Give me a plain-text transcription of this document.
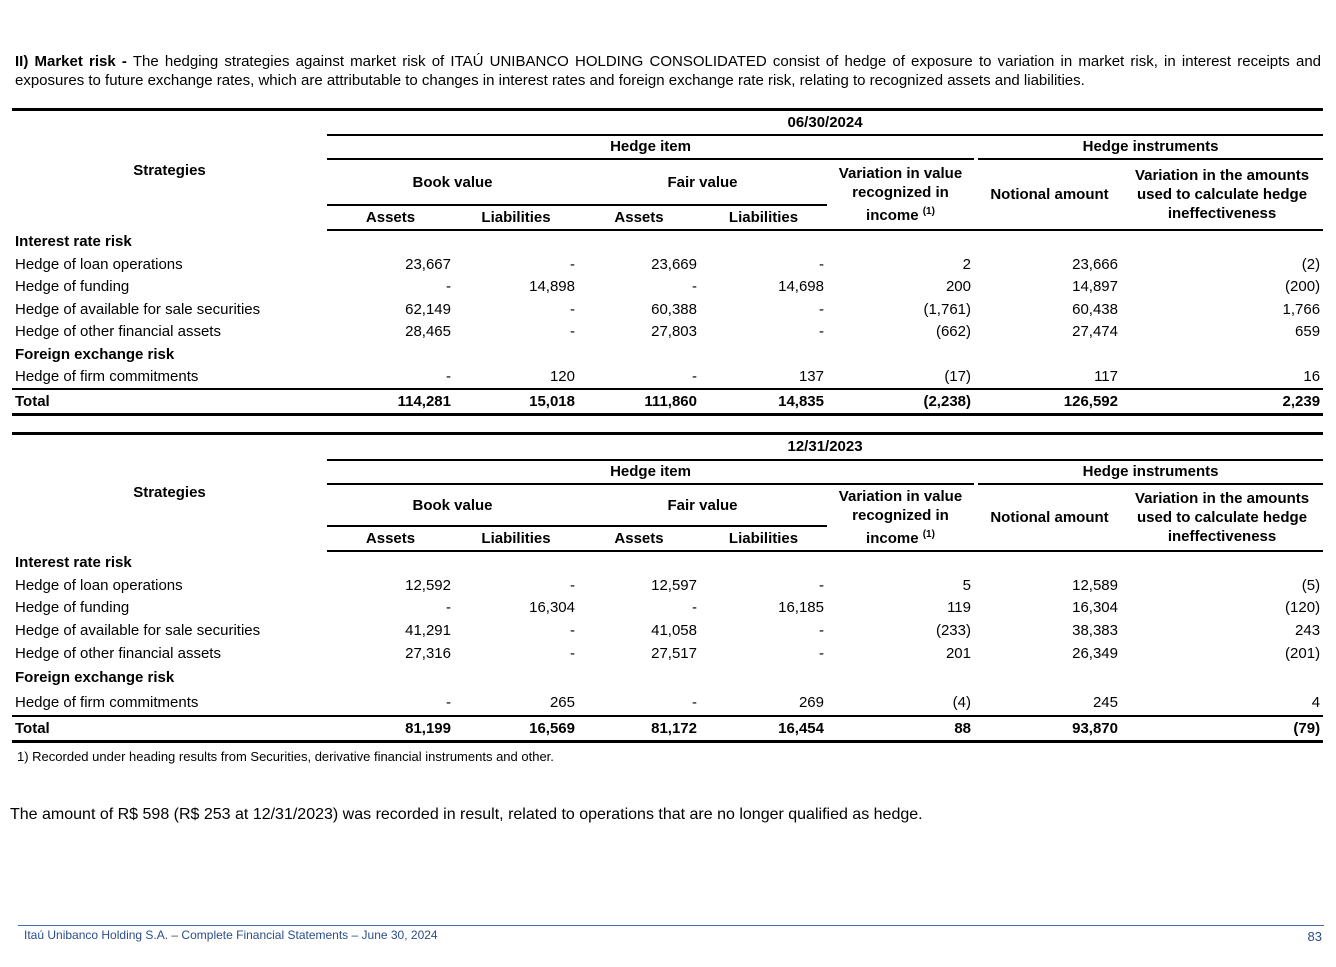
II) Market risk - The hedging strategies against market risk of ITAÚ UNIBANCO HOLDING CONSOLIDATED consist of hedge of exposure to variation in market risk, in interest receipts and exposures to future exchange rates, which are attributable to changes in interest rates and foreign exchange rate risk, relating to recognized assets and liabilities.
Strategies	06/30/2024							
	Hedge item						Hedge instruments	
	Book value		Fair value		Variation in value recognized in income $^{(1)}$		Notional amount	Variation in the amounts used to calculate hedge ineffectiveness
	Assets	Liabilities	Assets	Liabilities				
Interest rate risk								
Hedge of loan operations	23,667	-	23,669	-	2		23,666	(2)
Hedge of funding	-	14,898	-	14,698	200		14,897	(200)
Hedge of available for sale securities	62,149	-	60,388	-	(1,761)		60,438	1,766
Hedge of other financial assets	28,465	-	27,803	-	(662)		27,474	659
Foreign exchange risk								
Hedge of firm commitments	-	120	-	137	(17)		117	16
Total	114,281	15,018	111,860	14,835	(2,238)		126,592	2,239
Strategies	12/31/2023							
	Hedge item						Hedge instruments	
	Book value		Fair value		Variation in value recognized in income $^{(1)}$		Notional amount	Variation in the amounts used to calculate hedge ineffectiveness
	Assets	Liabilities	Assets	Liabilities				
Interest rate risk								
Hedge of loan operations	12,592	-	12,597	-	5		12,589	(5)
Hedge of funding	-	16,304	-	16,185	119		16,304	(120)
Hedge of available for sale securities	41,291	-	41,058	-	(233)		38,383	243
Hedge of other financial assets	27,316	-	27,517	-	201		26,349	(201)
Foreign exchange risk								
Hedge of firm commitments	-	265	-	269	(4)		245	4
Total	81,199	16,569	81,172	16,454	88		93,870	(79)
1) Recorded under heading results from Securities, derivative financial instruments and other.
The amount of R$ 598 (R$ 253 at 12/31/2023) was recorded in result, related to operations that are no longer qualified as hedge.
Itaú Unibanco Holding S.A. – Complete Financial Statements – June 30, 2024	83
